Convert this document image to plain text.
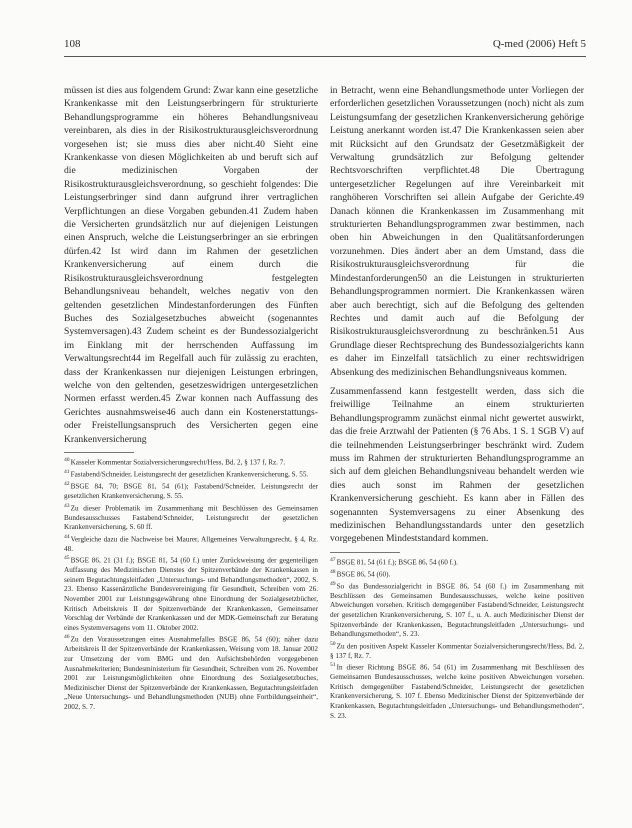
108	Q-med (2006) Heft 5

müssen ist dies aus folgendem Grund: Zwar kann eine gesetzliche Krankenkasse mit den Leistungserbringern für strukturierte Behandlungsprogramme ein höheres Behandlungsniveau vereinbaren, als dies in der Risikostrukturausgleichsverordnung vorgesehen ist; sie muss dies aber nicht.40 Sieht eine Krankenkasse von diesen Möglichkeiten ab und beruft sich auf die medizinischen Vorgaben der Risikostrukturausgleichsverordnung, so geschieht folgendes: Die Leistungserbringer sind dann aufgrund ihrer vertraglichen Verpflichtungen an diese Vorgaben gebunden.41 Zudem haben die Versicherten grundsätzlich nur auf diejenigen Leistungen einen Anspruch, welche die Leistungserbringer an sie erbringen dürfen.42 Ist wird dann im Rahmen der gesetzlichen Krankenversicherung auf einem durch die Risikostrukturausgleichsverordnung festgelegten Behandlungsniveau behandelt, welches negativ von den geltenden gesetzlichen Mindestanforderungen des Fünften Buches des Sozialgesetzbuches abweicht (sogenanntes Systemversagen).43 Zudem scheint es der Bundessozialgericht im Einklang mit der herrschenden Auffassung im Verwaltungsrecht44 im Regelfall auch für zulässig zu erachten, dass der Krankenkassen nur diejenigen Leistungen erbringen, welche von den geltenden, gesetzeswidrigen untergesetzlichen Normen erfasst werden.45 Zwar konnen nach Auffassung des Gerichtes ausnahmsweise46 auch dann ein Kostenerstattungs- oder Freistellungsanspruch des Versicherten gegen eine Krankenversicherung

$^{40}$Kasseler Kommentar Sozialversicherungsrecht/Hess, Bd. 2, § 137 f, Rz. 7.

$^{41}$Fastabend/Schneider, Leistungsrecht der gesetzlichen Krankenversicherung, S. 55.

$^{42}$BSGE 84, 70; BSGE 81, 54 (61); Fastabend/Schneider, Leistungsrecht der gesetzlichen Krankenversicherung, S. 55.

$^{43}$Zu dieser Problematik im Zusammenhang mit Beschlüssen des Gemeinsamen Bundesausschusses Fastabend/Schneider, Leistungsrecht der gesetzlichen Krankenversicherung, S. 60 ff.

$^{44}$Vergleiche dazu die Nachweise bei Maurer, Allgemeines Verwaltungsrecht, § 4, Rz. 48.

$^{45}$BSGE 86, 21 (31 f.); BSGE 81, 54 (60 f.) unter Zurückweisung der gegenteiligen Auffassung des Medizinischen Dienstes der Spitzenverbände der Krankenkassen in seinem Begutachtungsleitfaden „Untersuchungs- und Behandlungsmethoden“, 2002, S. 23. Ebenso Kassenärztliche Bundesvereinigung für Gesundheit, Schreiben vom 26. November 2001 zur Leistungsgewährung ohne Einordnung der Sozialgesetzbücher, Kritisch Arbeitskreis II der Spitzenverbände der Krankenkassen, Gemeinsamer Vorschlag der Verbände der Krankenkassen und der MDK-Gemeinschaft zur Beratung eines Systemversagens vom 11. Oktober 2002.

$^{46}$Zu den Voraussetzungen eines Ausnahmefalles BSGE 86, 54 (60); näher dazu Arbeitskreis II der Spitzenverbände der Krankenkassen, Weisung vom 18. Januar 2002 zur Umsetzung der vom BMG und den Aufsichtsbehörden vorgegebenen Ausnahmekriterien; Bundesministerium für Gesundheit, Schreiben vom 26. November 2001 zur Leistungsmöglichkeiten ohne Einordnung des Sozialgesetzbuches, Medizinischer Dienst der Spitzenverbände der Krankenkassen, Begutachtungsleitfaden „Neue Untersuchungs- und Behandlungsmethoden (NUB) ohne Fortbildungseinheit“, 2002, S. 7.

in Betracht, wenn eine Behandlungsmethode unter Vorliegen der erforderlichen gesetzlichen Voraussetzungen (noch) nicht als zum Leistungsumfang der gesetzlichen Krankenversicherung gehörige Leistung anerkannt worden ist.47 Die Krankenkassen seien aber mit Rücksicht auf den Grundsatz der Gesetzmäßigkeit der Verwaltung grundsätzlich zur Befolgung geltender Rechtsvorschriften verpflichtet.48 Die Übertragung untergesetzlicher Regelungen auf ihre Vereinbarkeit mit ranghöheren Vorschriften sei allein Aufgabe der Gerichte.49 Danach können die Krankenkassen im Zusammenhang mit strukturierten Behandlungsprogrammen zwar bestimmen, nach oben hin Abweichungen in den Qualitätsanforderungen vorzunehmen. Dies ändert aber an dem Umstand, dass die Risikostrukturausgleichsverordnung für die Mindestanforderungen50 an die Leistungen in strukturierten Behandlungsprogrammen normiert. Die Krankenkassen wären aber auch berechtigt, sich auf die Befolgung des geltenden Rechtes und damit auch auf die Befolgung der Risikostrukturausgleichsverordnung zu beschränken.51 Aus Grundlage dieser Rechtsprechung des Bundessozialgerichts kann es daher im Einzelfall tatsächlich zu einer rechtswidrigen Absenkung des medizinischen Behandlungsniveaus kommen.

Zusammenfassend kann festgestellt werden, dass sich die freiwillige Teilnahme an einem strukturierten Behandlungsprogramm zunächst einmal nicht gewertet auswirkt, das die freie Arztwahl der Patienten (§ 76 Abs. 1 S. 1 SGB V) auf die teilnehmenden Leistungserbringer beschränkt wird. Zudem muss im Rahmen der strukturierten Behandlungsprogramme an sich auf dem gleichen Behandlungsniveau behandelt werden wie dies auch sonst im Rahmen der gesetzlichen Krankenversicherung geschieht. Es kann aber in Fällen des sogenannten Systemversagens zu einer Absenkung des medizinischen Behandlungsstandards unter den gesetzlich vorgegebenen Mindeststandard kommen.

$^{47}$BSGE 81, 54 (61 f.); BSGE 86, 54 (60 f.).

$^{48}$BSGE 86, 54 (60).

$^{49}$So das Bundessozialgericht in BSGE 86, 54 (60 f.) im Zusammenhang mit Beschlüssen des Gemeinsamen Bundesausschusses, welche keine positiven Abweichungen vorsehen. Kritisch demgegenüber Fastabend/Schneider, Leistungsrecht der gesetzlichen Krankenversicherung, S. 107 f., u. A. auch Medizinischer Dienst der Spitzenverbände der Krankenkassen, Begutachtungsleitfaden „Untersuchungs- und Behandlungsmethoden“, S. 23.

$^{50}$Zu den positiven Aspekt Kasseler Kommentar Sozialversicherungsrecht/Hess, Bd. 2, § 137 f, Rz. 7.

$^{51}$In dieser Richtung BSGE 86, 54 (61) im Zusammenhang mit Beschlüssen des Gemeinsamen Bundesausschusses, welche keine positiven Abweichungen vorsehen. Kritisch demgegenüber Fastabend/Schneider, Leistungsrecht der gesetzlichen Krankenversicherung, S. 107 f. Ebenso Medizinischer Dienst der Spitzenverbände der Krankenkassen, Begutachtungsleitfaden „Untersuchungs- und Behandlungsmethoden“, S. 23.
